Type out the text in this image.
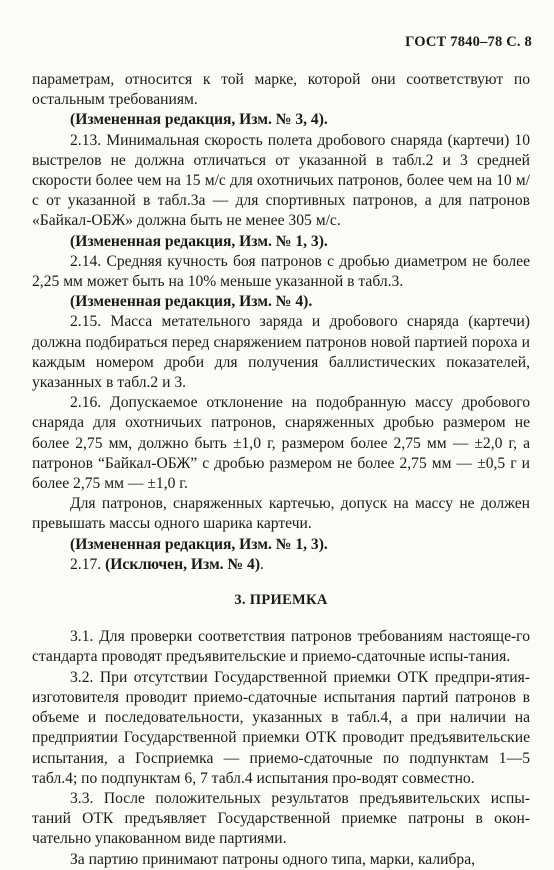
ГОСТ 7840–78 С. 8

параметрам, относится к той марке, которой они соответствуют по остальным требованиям.

(Измененная редакция, Изм. № 3, 4).

2.13. Минимальная скорость полета дробового снаряда (картечи) 10 выстрелов не должна отличаться от указанной в табл.2 и 3 средней скорости более чем на 15 м/с для охотничьих патронов, более чем на 10 м/с от указанной в табл.3а — для спортивных патронов, а для патронов «Байкал-ОБЖ» должна быть не менее 305 м/с.

(Измененная редакция, Изм. № 1, 3).

2.14. Средняя кучность боя патронов с дробью диаметром не более 2,25 мм может быть на 10% меньше указанной в табл.3.

(Измененная редакция, Изм. № 4).

2.15. Масса метательного заряда и дробового снаряда (картечи) должна подбираться перед снаряжением патронов новой партией пороха и каждым номером дроби для получения баллистических показателей, указанных в табл.2 и 3.

2.16. Допускаемое отклонение на подобранную массу дробового снаряда для охотничьих патронов, снаряженных дробью размером не более 2,75 мм, должно быть ±1,0 г, размером более 2,75 мм — ±2,0 г, а патронов “Байкал-ОБЖ” с дробью размером не более 2,75 мм — ±0,5 г и более 2,75 мм — ±1,0 г.

Для патронов, снаряженных картечью, допуск на массу не должен превышать массы одного шарика картечи.

(Измененная редакция, Изм. № 1, 3).

2.17. (Исключен, Изм. № 4).

3. ПРИЕМКА

3.1. Для проверки соответствия патронов требованиям настояще-го стандарта проводят предъявительские и приемо-сдаточные испы-тания.

3.2. При отсутствии Государственной приемки ОТК предпри-ятия-изготовителя проводит приемо-сдаточные испытания партий патронов в объеме и последовательности, указанных в табл.4, а при наличии на предприятии Государственной приемки ОТК проводит предъявительские испытания, а Госприемка — приемо-сдаточные по подпунктам 1—5 табл.4; по подпунктам 6, 7 табл.4 испытания про-водят совместно.

3.3. После положительных результатов предъявительских испы-таний ОТК предъявляет Государственной приемке патроны в окон-чательно упакованном виде партиями.

За партию принимают патроны одного типа, марки, калибра,
